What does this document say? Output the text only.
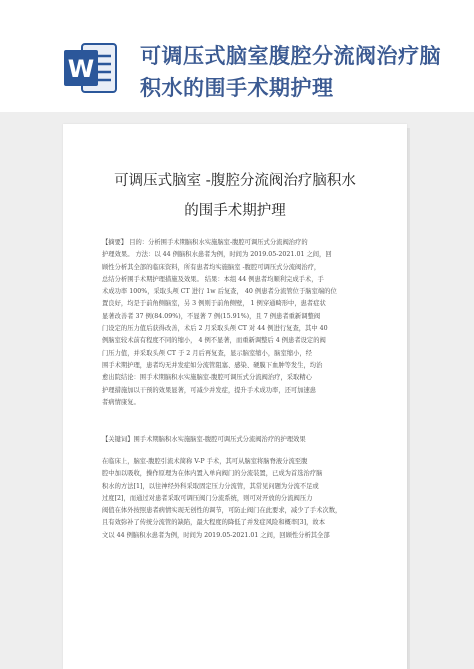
W 可调压式脑室腹腔分流阀治疗脑积水的围手术期护理
可调压式脑室 -腹腔分流阀治疗脑积水
的围手术期护理
【摘要】 目的：分析围手术期脑积水实施脑室-腹腔可调压式分流阀治疗的
护理效果。 方法：以 44 例脑积水患者为例，时间为 2019.05-2021.01 之间，回
顾性分析其全部的临床资料，所有患者均实施脑室 -腹腔可调压式分流阀治疗，
总结分析围手术期护理措施及效果。 结果：本组 44 例患者均顺利完成手术，手
术成功率 100%，采取头颅 CT 进行 1w 后复查， 40 例患者分流管位于脑室端的位
置良好，均是于前角侧脑室，另 3 例则于前角侧壁， 1 例穿通畸形中，患者症状
显著改善者 37 例(84.09%)，不显著 7 例(15.91%)，且 7 例患者重新调整阀
门设定的压力值后获得改善，术后 2 月采取头颅 CT 对 44 例进行复查，其中 40
例脑室较术前有程度不同的缩小， 4 例不显著，而重新调整后 4 例患者设定的阀
门压力值，并采取头颅 CT 于 2 月后再复查，显示脑室缩小，脑室缩小，经
围手术期护理，患者均无并发症如分流管阻塞、感染、硬膜下血肿等发生，均治
愈出院结论：围手术期脑积水实施脑室-腹腔可调压式分流阀治疗，采取精心
护理措施加以干预的效果显著，可减少并发症，提升手术成功率，还可加速患
者病情康复。
【关键词】围手术期脑积水实施脑室-腹腔可调压式分流阀治疗的护理效果
在临床上，脑室-腹腔引流术简称 V-P 手术，其可从脑室将脑脊液分流至腹
腔中加以吸收，操作原理为在体内置入单向阀门的分流装置，已成为首选治疗脑
积水的方法[1]，以往神经外科采取固定压力分流管，其常见问题为分流不足或
过度[2]，而通过对患者采取可调压阀门分流系统，则可对开放的分流阀压力
阀值在体外按照患者病情实现无创性的调节，可防止阀门在此要求，减少了手术次数，
且有效弥补了传统分流管的缺陷，最大程度的降低了并发症风险和概率[3]，故本
文以 44 例脑积水患者为例，时间为 2019.05-2021.01 之间，回顾性分析其全部
